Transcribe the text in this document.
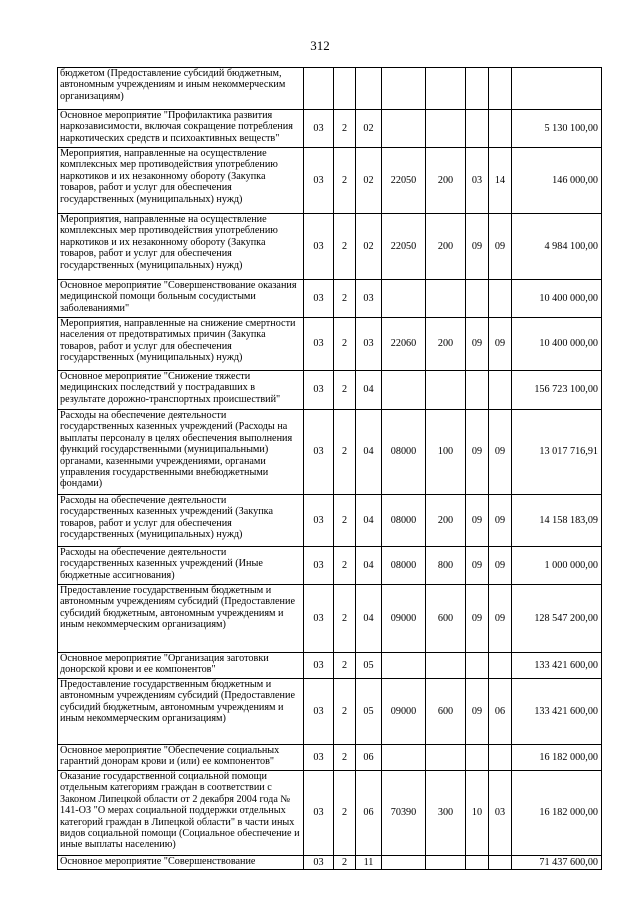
312
бюджетом (Предоставление субсидий бюджетным, автономным учреждениям и иным некоммерческим организациям)								
Основное мероприятие "Профилактика развития наркозависимости, включая сокращение потребления наркотических средств и психоактивных веществ"	03	2	02					5 130 100,00
Мероприятия, направленные на осуществление комплексных мер противодействия употреблению наркотиков и их незаконному обороту (Закупка товаров, работ и услуг для обеспечения государственных (муниципальных) нужд)	03	2	02	22050	200	03	14	146 000,00
Мероприятия, направленные на осуществление комплексных мер противодействия употреблению наркотиков и их незаконному обороту (Закупка товаров, работ и услуг для обеспечения государственных (муниципальных) нужд)	03	2	02	22050	200	09	09	4 984 100,00
Основное мероприятие "Совершенствование оказания медицинской помощи больным сосудистыми заболеваниями"	03	2	03					10 400 000,00
Мероприятия, направленные на снижение смертности населения от предотвратимых причин (Закупка товаров, работ и услуг для обеспечения государственных (муниципальных) нужд)	03	2	03	22060	200	09	09	10 400 000,00
Основное мероприятие "Снижение тяжести медицинских последствий у пострадавших в результате дорожно-транспортных происшествий"	03	2	04					156 723 100,00
Расходы на обеспечение деятельности государственных казенных учреждений (Расходы на выплаты персоналу в целях обеспечения выполнения функций государственными (муниципальными) органами, казенными учреждениями, органами управления государственными внебюджетными фондами)	03	2	04	08000	100	09	09	13 017 716,91
Расходы на обеспечение деятельности государственных казенных учреждений (Закупка товаров, работ и услуг для обеспечения государственных (муниципальных) нужд)	03	2	04	08000	200	09	09	14 158 183,09
Расходы на обеспечение деятельности государственных казенных учреждений (Иные бюджетные ассигнования)	03	2	04	08000	800	09	09	1 000 000,00
Предоставление государственным бюджетным и автономным учреждениям субсидий (Предоставление субсидий бюджетным, автономным учреждениям и иным некоммерческим организациям)	03	2	04	09000	600	09	09	128 547 200,00
Основное мероприятие "Организация заготовки донорской крови и ее компонентов"	03	2	05					133 421 600,00
Предоставление государственным бюджетным и автономным учреждениям субсидий (Предоставление субсидий бюджетным, автономным учреждениям и иным некоммерческим организациям)	03	2	05	09000	600	09	06	133 421 600,00
Основное мероприятие "Обеспечение социальных гарантий донорам крови и (или) ее компонентов"	03	2	06					16 182 000,00
Оказание государственной социальной помощи отдельным категориям граждан в соответствии с Законом Липецкой области от 2 декабря 2004 года № 141-ОЗ "О мерах социальной поддержки отдельных категорий граждан в Липецкой области" в части иных видов социальной помощи (Социальное обеспечение и иные выплаты населению)	03	2	06	70390	300	10	03	16 182 000,00
Основное мероприятие "Совершенствование	03	2	11					71 437 600,00
